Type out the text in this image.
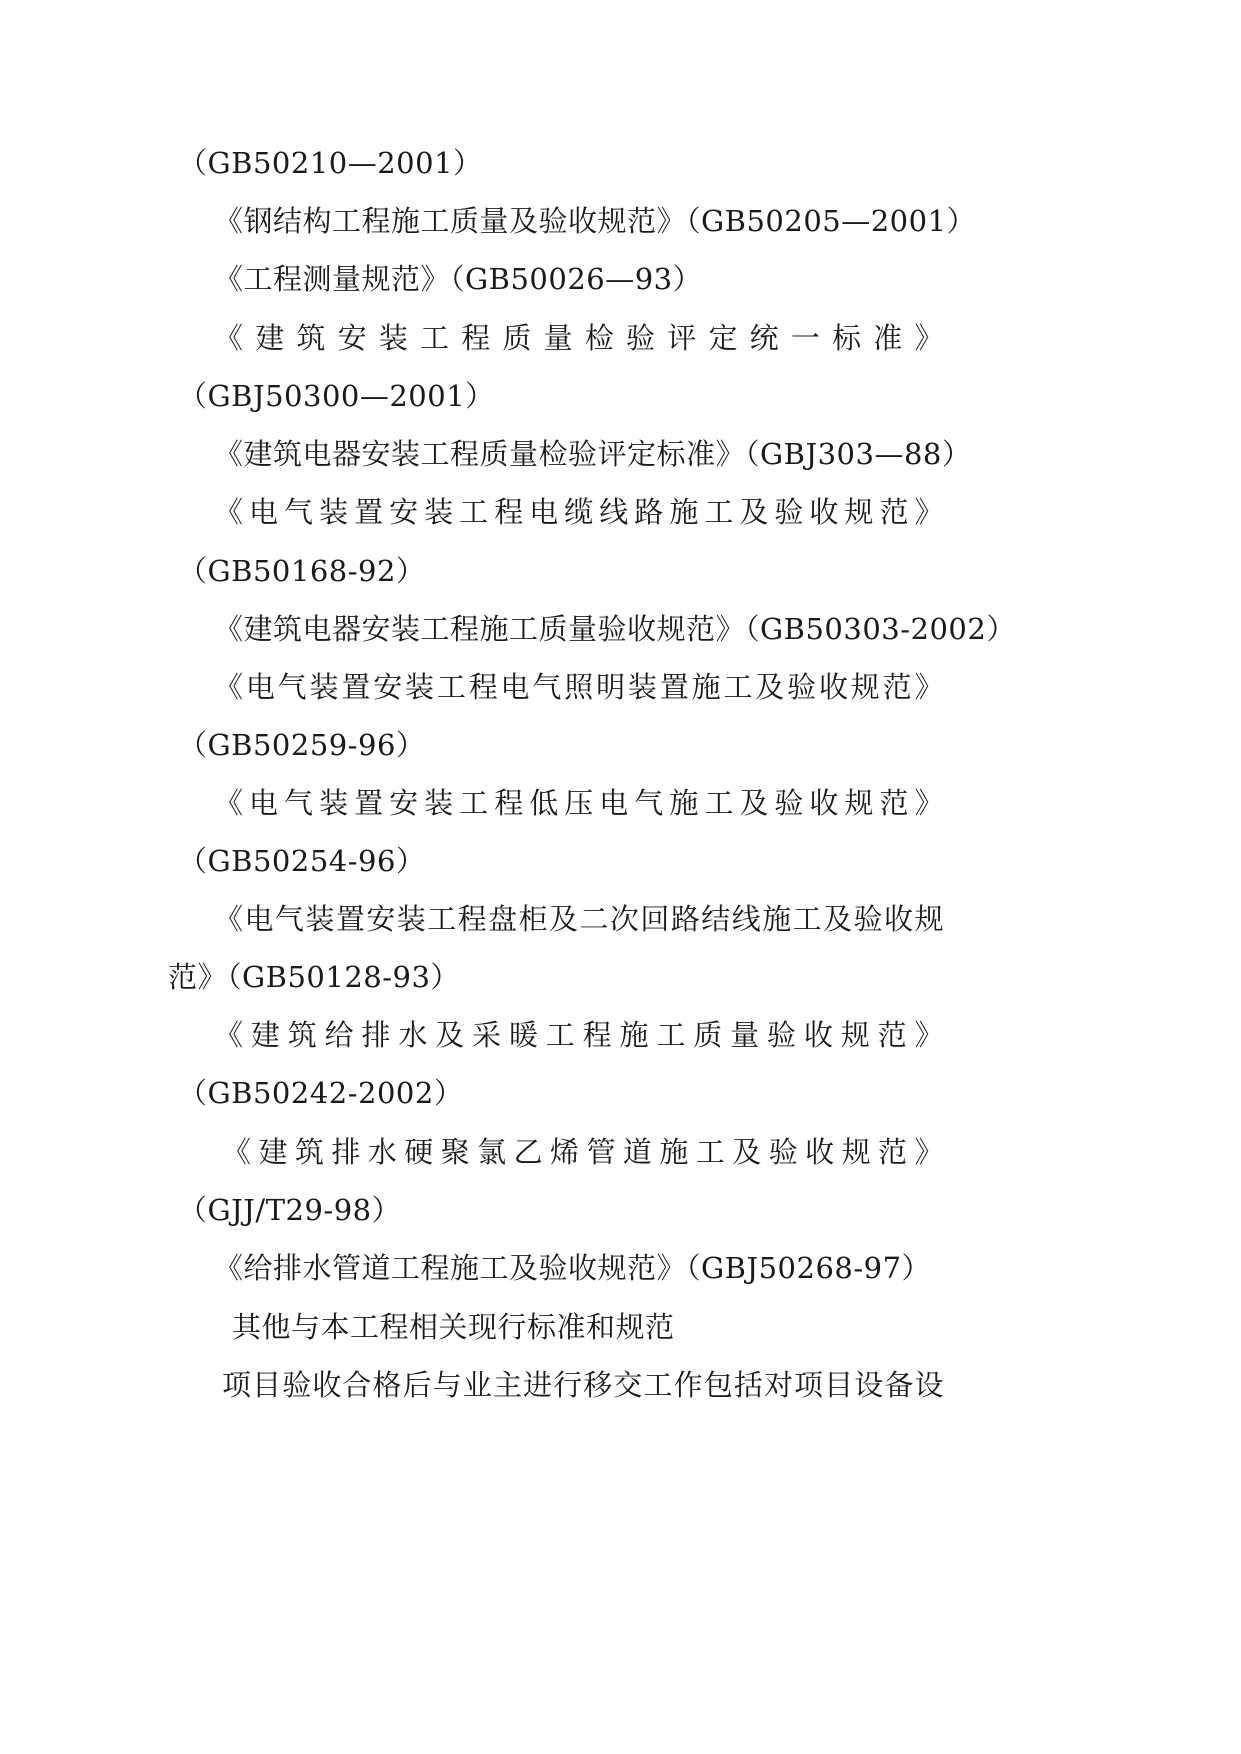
（GB50210—2001）
《钢结构工程施工质量及验收规范》（GB50205—2001）
《工程测量规范》（GB50026—93）
《建筑安装工程质量检验评定统一标准》
（GBJ50300—2001）
《建筑电器安装工程质量检验评定标准》（GBJ303—88）
《电气装置安装工程电缆线路施工及验收规范》
（GB50168-92）
《建筑电器安装工程施工质量验收规范》（GB50303-2002）
《电气装置安装工程电气照明装置施工及验收规范》
（GB50259-96）
《电气装置安装工程低压电气施工及验收规范》
（GB50254-96）
《电气装置安装工程盘柜及二次回路结线施工及验收规
范》（GB50128-93）
《建筑给排水及采暖工程施工质量验收规范》
（GB50242-2002）
《建筑排水硬聚氯乙烯管道施工及验收规范》
（GJJ/T29-98）
《给排水管道工程施工及验收规范》（GBJ50268-97）
其他与本工程相关现行标准和规范
项目验收合格后与业主进行移交工作包括对项目设备设
